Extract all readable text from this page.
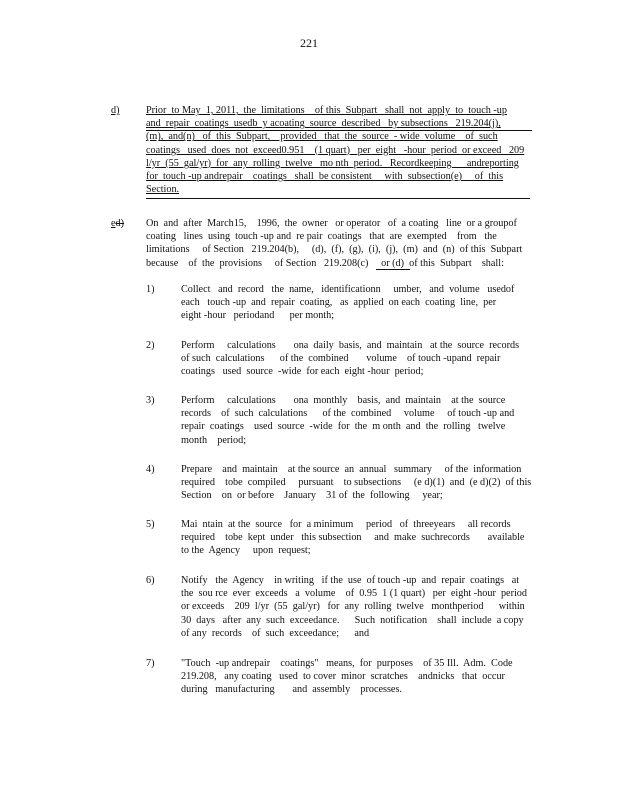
221
d)	Prior  to May  1, 2011,  the  limitations    of this  Subpart   shall  not  apply  to  touch -up
and  repair  coatings  usedb  y acoating  source  described   by subsections   219.204(j),
(m),  and(n)   of  this  Subpart,    provided   that  the  source  - wide  volume    of  such
coatings   used  does  not  exceed0.951    (1 quart)   per  eight   -hour  period  or exceed   209
l/yr  (55  gal/yr)  for  any  rolling  twelve   mo nth  period.   Recordkeeping      andreporting
for  touch -up andrepair    coatings   shall  be consistent     with  subsection(e)     of  this
Section.
ed) On  and  after  March15,    1996,  the  owner   or operator   of  a coating   line  or a groupof
coating   lines  using  touch -up and  re pair  coatings   that  are  exempted    from   the
limitations     of Section   219.204(b),     (d),  (f),  (g),  (i),  (j),  (m)  and  (n)  of this  Subpart
because    of  the  provisions     of Section   219.208(c)     or (d)  of this  Subpart    shall:
1)	Collect   and  record   the  name,   identificationn     umber,   and  volume   usedof
each   touch -up  and  repair  coating,   as  applied  on each  coating  line,  per
eight -hour   periodand      per month;
2)	Perform     calculations       ona  daily  basis,  and  maintain   at the  source  records
of such  calculations      of the  combined       volume    of touch -upand  repair
coatings   used  source  -wide  for each  eight -hour  period;
3)	Perform     calculations       ona  monthly    basis,  and  maintain    at the  source
records    of  such  calculations      of the  combined     volume     of touch -up and
repair  coatings    used  source  -wide  for  the  m onth  and  the  rolling   twelve
month    period;
4)	Prepare    and  maintain    at the source  an  annual   summary     of the  information
required    tobe  compiled     pursuant    to subsections     (e d)(1)  and  (e d)(2)  of this
Section    on  or before    January    31 of  the  following     year;
5)	Mai  ntain  at the  source   for  a minimum     period   of  threeyears     all records
required    tobe  kept  under   this subsection     and  make  suchrecords       available
to the  Agency     upon  request;
6)	Notify   the  Agency    in writing   if the  use  of touch -up  and  repair  coatings   at
the  sou rce  ever  exceeds   a  volume    of  0.95  1 (1 quart)   per  eight -hour  period
or exceeds    209  l/yr  (55  gal/yr)   for  any  rolling  twelve   monthperiod      within
30  days   after  any  such  exceedance.      Such  notification    shall  include  a copy
of any  records    of  such  exceedance;      and
7)	"Touch  -up andrepair    coatings"   means,  for  purposes    of 35 Ill.  Adm.  Code
219.208,   any coating   used  to cover  minor  scratches    andnicks   that  occur
during   manufacturing       and  assembly    processes.
